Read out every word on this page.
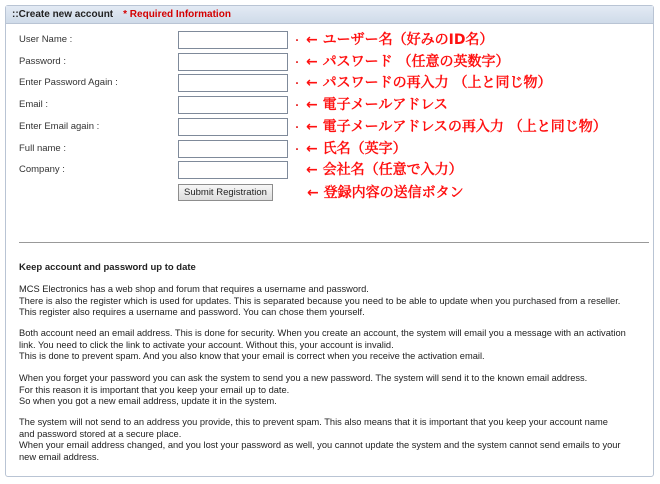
::Create new account * Required Information
User Name :	・ ← ユーザー名（好みのID名）
Password :	・ ← パスワード （任意の英数字）
Enter Password Again :	・ ← パスワードの再入力 （上と同じ物）
Email :	・ ← 電子メールアドレス
Enter Email again :	・ ← 電子メールアドレスの再入力 （上と同じ物）
Full name :	・ ← 氏名（英字）
Company :	← 会社名（任意で入力）
Submit Registration	← 登録内容の送信ボタン
Keep account and password up to date

MCS Electronics has a web shop and forum that requires a username and password.
There is also the register which is used for updates. This is separated because you need to be able to update when you purchased from a reseller.
This register also requires a username and password. You can chose them yourself.

Both account need an email address. This is done for security. When you create an account, the system will email you a message with an activation
link. You need to click the link to activate your account. Without this, your account is invalid.
This is done to prevent spam. And you also know that your email is correct when you receive the activation email.

When you forget your password you can ask the system to send you a new password. The system will send it to the known email address.
For this reason it is important that you keep your email up to date.
So when you got a new email address, update it in the system.

The system will not send to an address you provide, this to prevent spam. This also means that it is important that you keep your account name
and password stored at a secure place.
When your email address changed, and you lost your password as well, you cannot update the system and the system cannot send emails to your
new email address.
